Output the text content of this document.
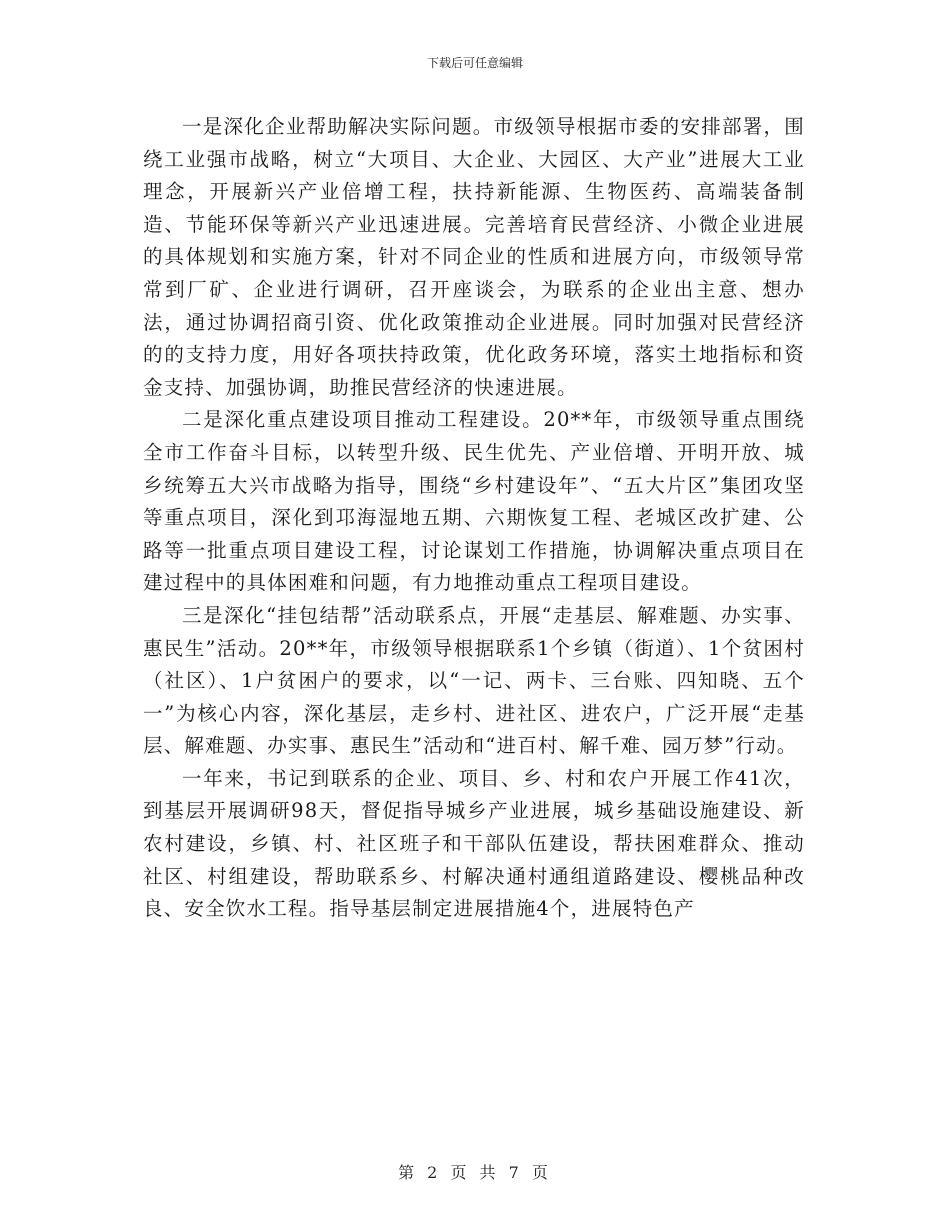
下载后可任意编辑

一是深化企业帮助解决实际问题。市级领导根据市委的安排部署，围绕工业强市战略，树立“大项目、大企业、大园区、大产业”进展大工业理念，开展新兴产业倍增工程，扶持新能源、生物医药、高端装备制造、节能环保等新兴产业迅速进展。完善培育民营经济、小微企业进展的具体规划和实施方案，针对不同企业的性质和进展方向，市级领导常常到厂矿、企业进行调研，召开座谈会，为联系的企业出主意、想办法，通过协调招商引资、优化政策推动企业进展。同时加强对民营经济的的支持力度，用好各项扶持政策，优化政务环境，落实土地指标和资金支持、加强协调，助推民营经济的快速进展。

二是深化重点建设项目推动工程建设。20**年，市级领导重点围绕全市工作奋斗目标，以转型升级、民生优先、产业倍增、开明开放、城乡统筹五大兴市战略为指导，围绕“乡村建设年”、“五大片区”集团攻坚等重点项目，深化到邛海湿地五期、六期恢复工程、老城区改扩建、公路等一批重点项目建设工程，讨论谋划工作措施，协调解决重点项目在建过程中的具体困难和问题，有力地推动重点工程项目建设。

三是深化“挂包结帮”活动联系点，开展“走基层、解难题、办实事、惠民生”活动。20**年，市级领导根据联系1个乡镇（街道）、1个贫困村（社区）、1户贫困户的要求，以“一记、两卡、三台账、四知晓、五个一”为核心内容，深化基层，走乡村、进社区、进农户，广泛开展“走基层、解难题、办实事、惠民生”活动和“进百村、解千难、园万梦”行动。

一年来，书记到联系的企业、项目、乡、村和农户开展工作41次，到基层开展调研98天，督促指导城乡产业进展，城乡基础设施建设、新农村建设，乡镇、村、社区班子和干部队伍建设，帮扶困难群众、推动社区、村组建设，帮助联系乡、村解决通村通组道路建设、樱桃品种改良、安全饮水工程。指导基层制定进展措施4个，进展特色产

第 2 页 共 7 页
